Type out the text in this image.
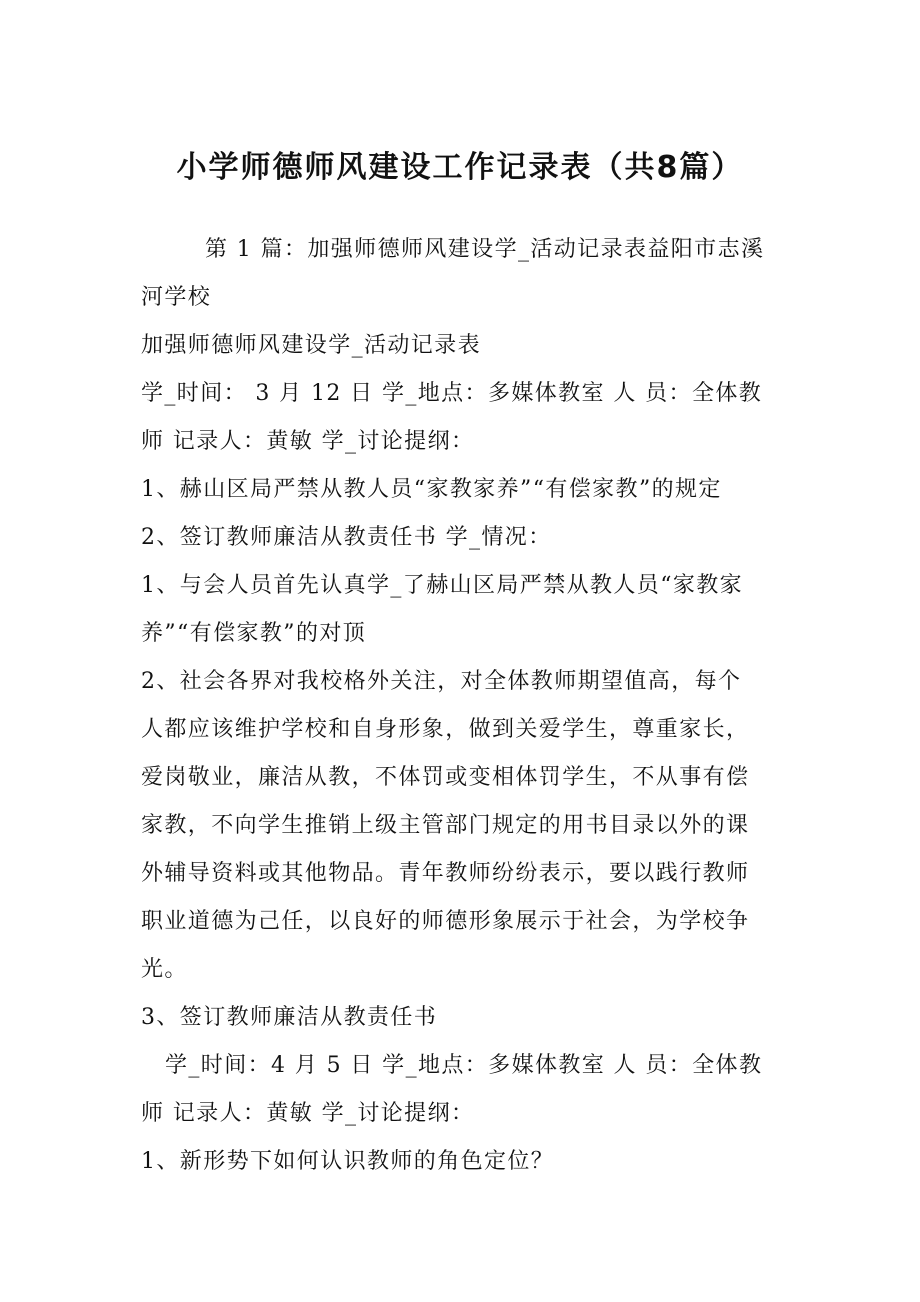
小学师德师风建设工作记录表（共8篇）
第 1 篇：加强师德师风建设学_活动记录表益阳市志溪
河学校
加强师德师风建设学_活动记录表
学_时间： 3 月 12 日 学_地点：多媒体教室 人 员：全体教
师 记录人：黄敏 学_讨论提纲：
1、赫山区局严禁从教人员“家教家养”“有偿家教”的规定
2、签订教师廉洁从教责任书 学_情况：
1、与会人员首先认真学_了赫山区局严禁从教人员“家教家
养”“有偿家教”的对顶
2、社会各界对我校格外关注，对全体教师期望值高，每个
人都应该维护学校和自身形象，做到关爱学生，尊重家长，
爱岗敬业，廉洁从教，不体罚或变相体罚学生，不从事有偿
家教，不向学生推销上级主管部门规定的用书目录以外的课
外辅导资料或其他物品。青年教师纷纷表示，要以践行教师
职业道德为己任，以良好的师德形象展示于社会，为学校争
光。
3、签订教师廉洁从教责任书
学_时间：4 月 5 日 学_地点：多媒体教室 人 员：全体教
师 记录人：黄敏 学_讨论提纲：
1、新形势下如何认识教师的角色定位？
